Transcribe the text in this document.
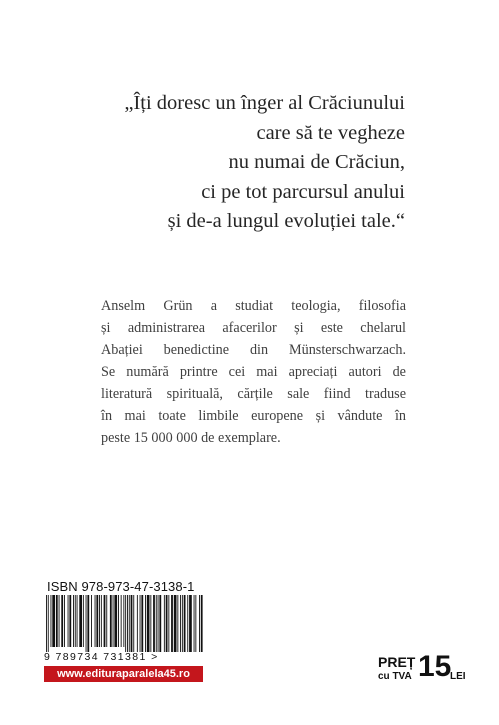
„Îți doresc un înger al Crăciunului
care să te vegheze
nu numai de Crăciun,
ci pe tot parcursul anului
și de-a lungul evoluției tale.“
Anselm Grün a studiat teologia, filosofia
și administrarea afacerilor și este chelarul
Abației benedictine din Münsterschwarzach.
Se numără printre cei mai apreciați autori de
literatură spirituală, cărțile sale fiind traduse
în mai toate limbile europene și vândute în
peste 15 000 000 de exemplare.
ISBN 978-973-47-3138-1
9 789734 731381 >
www.edituraparalela45.ro
PREȚ
cu TVA 15
LEI
